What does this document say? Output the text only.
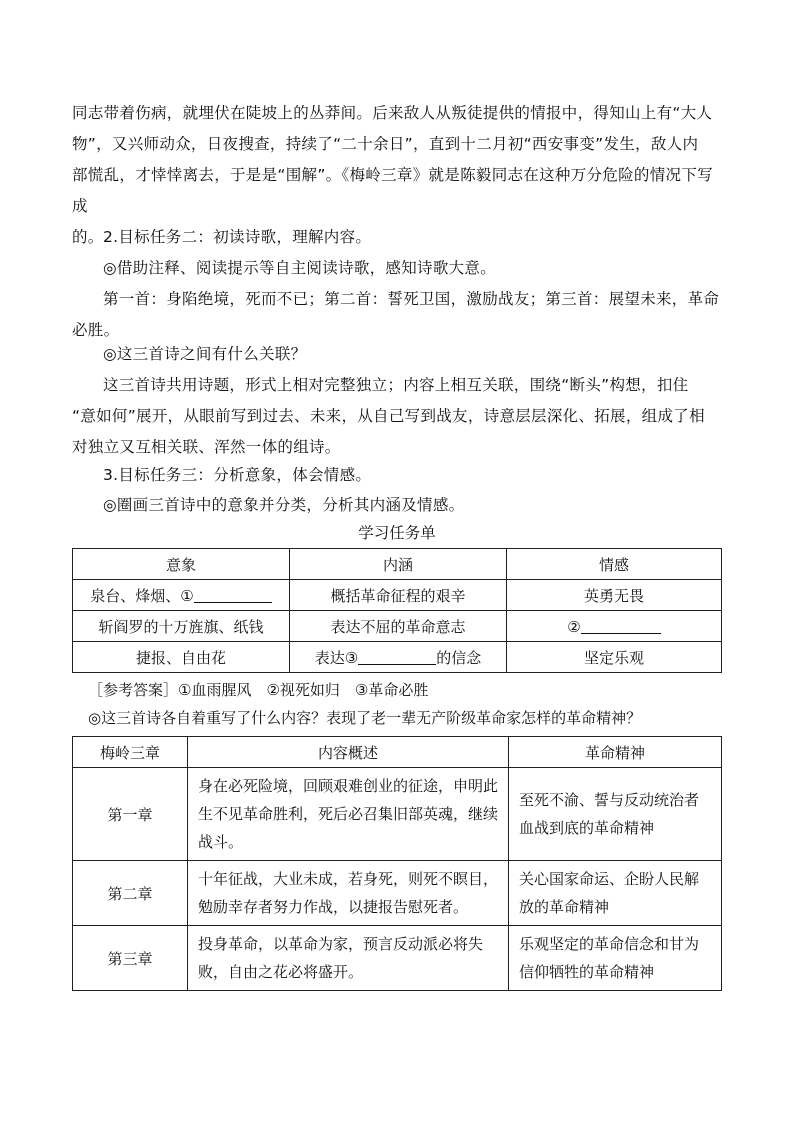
同志带着伤病，就埋伏在陡坡上的丛莽间。后来敌人从叛徒提供的情报中，得知山上有“大人
物”，又兴师动众，日夜搜查，持续了“二十余日”，直到十二月初“西安事变”发生，敌人内
部慌乱，才悻悻离去，于是是“围解”。《梅岭三章》就是陈毅同志在这种万分危险的情况下写成
的。 2.目标任务二：初读诗歌，理解内容。
◎借助注释、阅读提示等自主阅读诗歌，感知诗歌大意。
第一首：身陷绝境，死而不已；第二首：誓死卫国，激励战友；第三首：展望未来，革命
必胜。
◎这三首诗之间有什么关联？
这三首诗共用诗题，形式上相对完整独立；内容上相互关联，围绕“断头”构想，扣住
“意如何”展开，从眼前写到过去、未来，从自己写到战友，诗意层层深化、拓展，组成了相
对独立又互相关联、浑然一体的组诗。
3.目标任务三：分析意象，体会情感。
◎圈画三首诗中的意象并分类，分析其内涵及情感。
学习任务单
意象	内涵	情感
泉台、烽烟、①	概括革命征程的艰辛	英勇无畏
斩阎罗的十万旌旗、纸钱	表达不屈的革命意志	②
捷报、自由花	表达③ 的信念	坚定乐观
［参考答案］①血雨腥风　②视死如归　③革命必胜
◎这三首诗各自着重写了什么内容？表现了老一辈无产阶级革命家怎样的革命精神？
梅岭三章	内容概述	革命精神
第一章	身在必死险境，回顾艰难创业的征途，申明此生不见革命胜利，死后必召集旧部英魂，继续战斗。	至死不渝、誓与反动统治者血战到底的革命精神
第二章	十年征战，大业未成，若身死，则死不瞑目，勉励幸存者努力作战，以捷报告慰死者。	关心国家命运、企盼人民解放的革命精神
第三章	投身革命，以革命为家，预言反动派必将失败，自由之花必将盛开。	乐观坚定的革命信念和甘为信仰牺牲的革命精神
